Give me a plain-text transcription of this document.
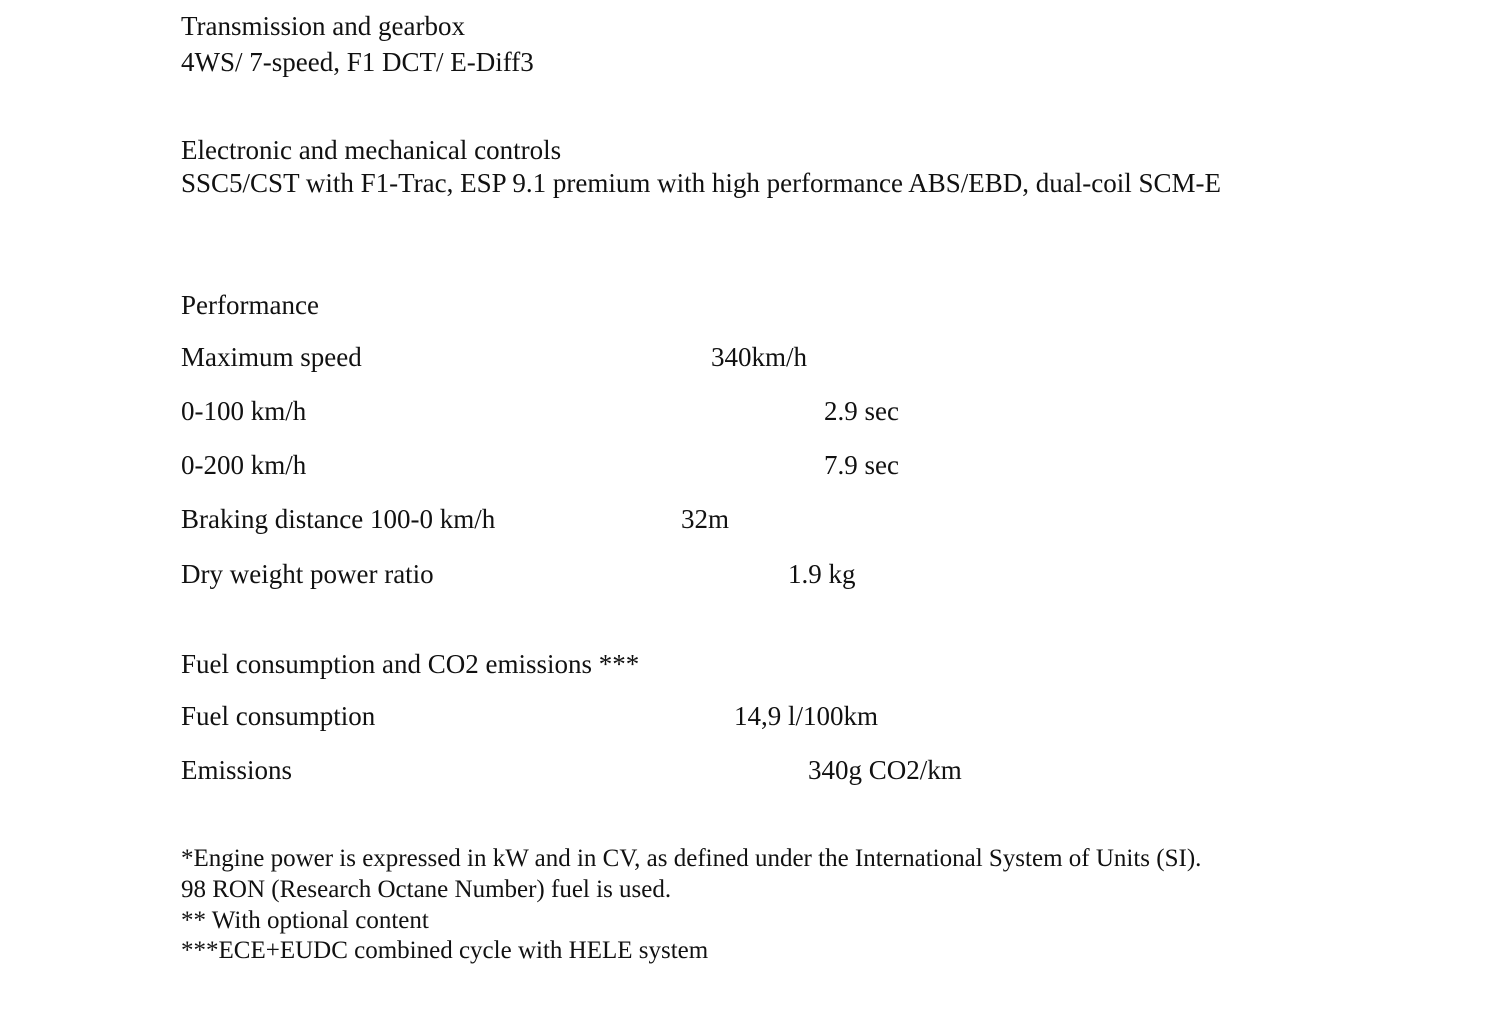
Transmission and gearbox

4WS/ 7-speed, F1 DCT/ E-Diff3

Electronic and mechanical controls

SSC5/CST with F1-Trac, ESP 9.1 premium with high performance ABS/EBD, dual-coil SCM-E

Performance

Maximum speed	340km/h

0-100 km/h	2.9 sec

0-200 km/h	7.9 sec

Braking distance 100-0 km/h	32m

Dry weight power ratio	1.9 kg

Fuel consumption and CO2 emissions ***

Fuel consumption	14,9 l/100km

Emissions	340g CO2/km

*Engine power is expressed in kW and in CV, as defined under the International System of Units (SI).

98 RON (Research Octane Number) fuel is used.

** With optional content

***ECE+EUDC combined cycle with HELE system
